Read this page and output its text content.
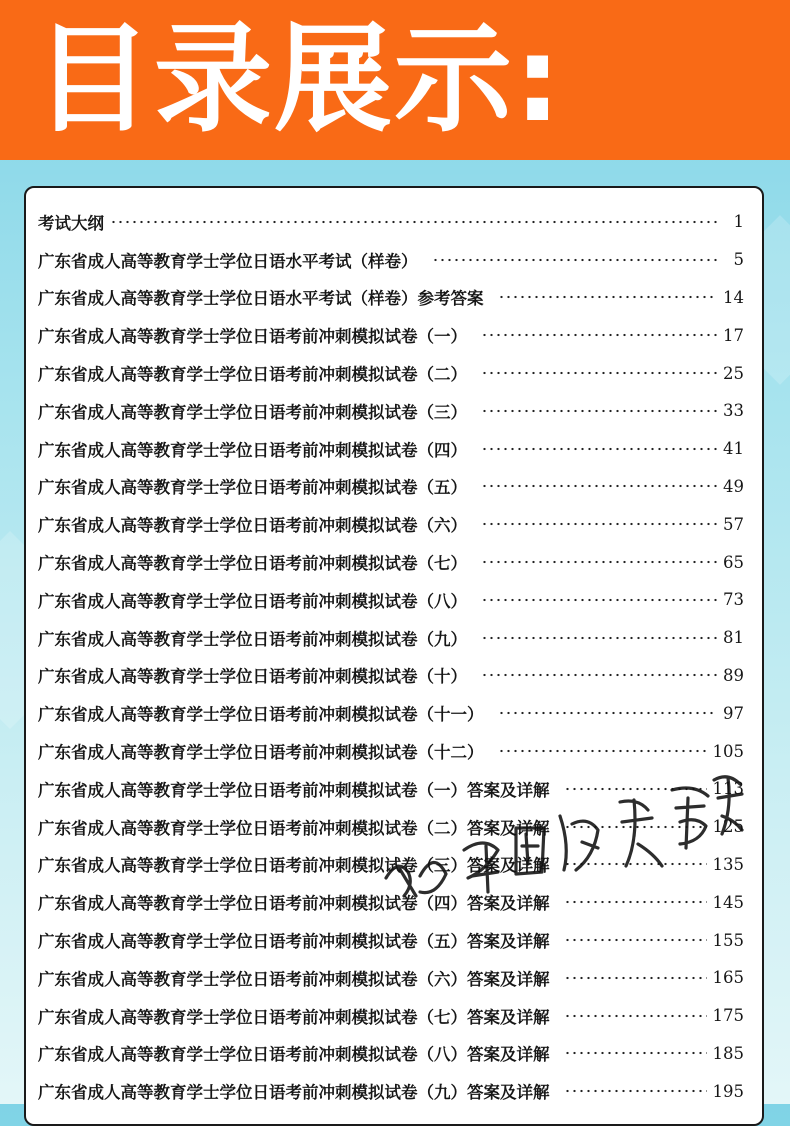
目录展示:
考试大纲	1
广东省成人高等教育学士学位日语水平考试（样卷）	5
广东省成人高等教育学士学位日语水平考试（样卷）参考答案	14
广东省成人高等教育学士学位日语考前冲刺模拟试卷（一）	17
广东省成人高等教育学士学位日语考前冲刺模拟试卷（二）	25
广东省成人高等教育学士学位日语考前冲刺模拟试卷（三）	33
广东省成人高等教育学士学位日语考前冲刺模拟试卷（四）	41
广东省成人高等教育学士学位日语考前冲刺模拟试卷（五）	49
广东省成人高等教育学士学位日语考前冲刺模拟试卷（六）	57
广东省成人高等教育学士学位日语考前冲刺模拟试卷（七）	65
广东省成人高等教育学士学位日语考前冲刺模拟试卷（八）	73
广东省成人高等教育学士学位日语考前冲刺模拟试卷（九）	81
广东省成人高等教育学士学位日语考前冲刺模拟试卷（十）	89
广东省成人高等教育学士学位日语考前冲刺模拟试卷（十一）	97
广东省成人高等教育学士学位日语考前冲刺模拟试卷（十二）	105
广东省成人高等教育学士学位日语考前冲刺模拟试卷（一）答案及详解	113
广东省成人高等教育学士学位日语考前冲刺模拟试卷（二）答案及详解	125
广东省成人高等教育学士学位日语考前冲刺模拟试卷（三）答案及详解	135
广东省成人高等教育学士学位日语考前冲刺模拟试卷（四）答案及详解	145
广东省成人高等教育学士学位日语考前冲刺模拟试卷（五）答案及详解	155
广东省成人高等教育学士学位日语考前冲刺模拟试卷（六）答案及详解	165
广东省成人高等教育学士学位日语考前冲刺模拟试卷（七）答案及详解	175
广东省成人高等教育学士学位日语考前冲刺模拟试卷（八）答案及详解	185
广东省成人高等教育学士学位日语考前冲刺模拟试卷（九）答案及详解	195
